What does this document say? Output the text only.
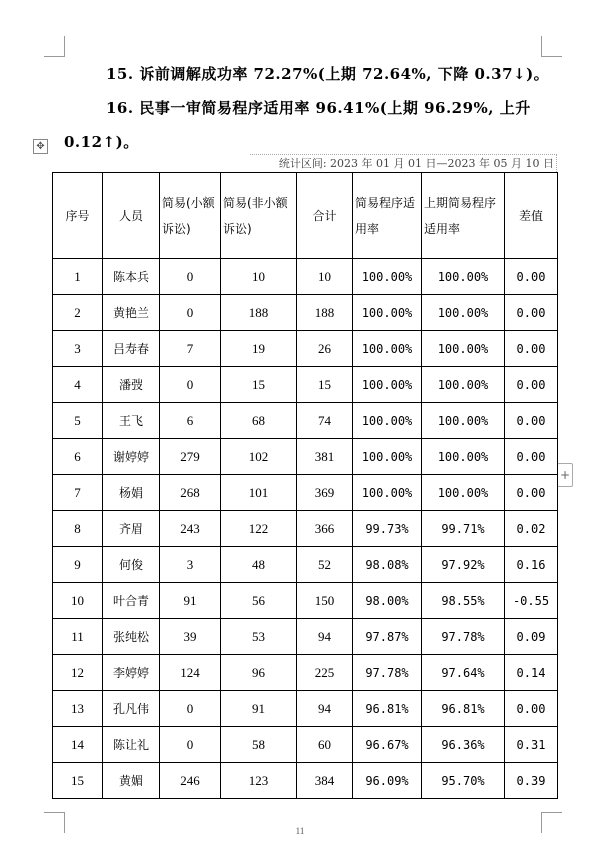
15. 诉前调解成功率 72.27%(上期 72.64%, 下降 0.37↓)。
16. 民事一审简易程序适用率 96.41%(上期 96.29%, 上升
0.12↑)。
✥
+
统计区间: 2023 年 01 月 01 日—2023 年 05 月 10 日
序号	人员	简易(小额诉讼)	简易(非小额诉讼)	合计	简易程序适用率	上期简易程序适用率	差值
1	陈本兵	0	10	10	100.00%	100.00%	0.00
2	黄艳兰	0	188	188	100.00%	100.00%	0.00
3	吕寿春	7	19	26	100.00%	100.00%	0.00
4	潘弢	0	15	15	100.00%	100.00%	0.00
5	王飞	6	68	74	100.00%	100.00%	0.00
6	谢婷婷	279	102	381	100.00%	100.00%	0.00
7	杨娟	268	101	369	100.00%	100.00%	0.00
8	齐眉	243	122	366	99.73%	99.71%	0.02
9	何俊	3	48	52	98.08%	97.92%	0.16
10	叶合青	91	56	150	98.00%	98.55%	-0.55
11	张纯松	39	53	94	97.87%	97.78%	0.09
12	李婷婷	124	96	225	97.78%	97.64%	0.14
13	孔凡伟	0	91	94	96.81%	96.81%	0.00
14	陈让礼	0	58	60	96.67%	96.36%	0.31
15	黄媚	246	123	384	96.09%	95.70%	0.39
11
